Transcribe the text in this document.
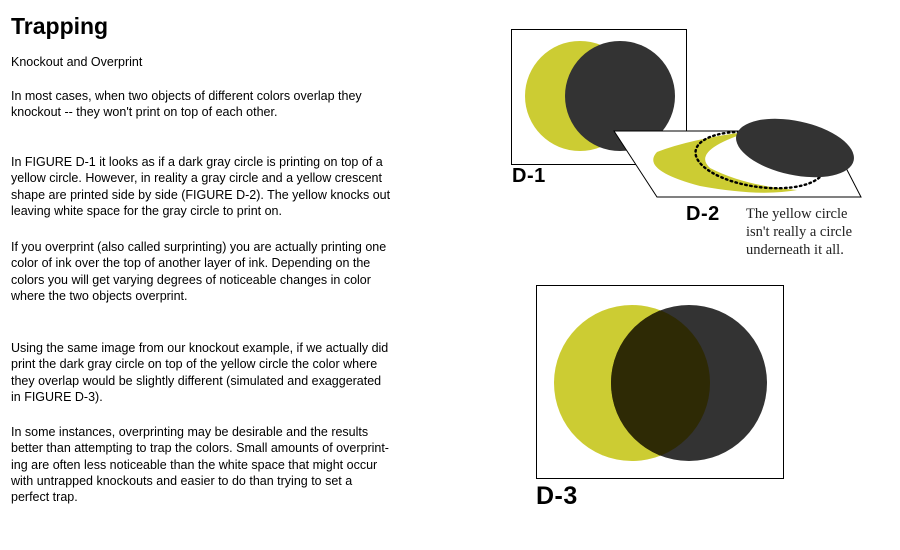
Trapping

Knockout and Overprint

In most cases, when two objects of different colors overlap they
knockout -- they won't print on top of each other.

In FIGURE D-1 it looks as if a dark gray circle is printing on top of a
yellow circle. However, in reality a gray circle and a yellow crescent
shape are printed side by side (FIGURE D-2). The yellow knocks out
leaving white space for the gray circle to print on.

If you overprint (also called surprinting) you are actually printing one
color of ink over the top of another layer of ink. Depending on the
colors you will get varying degrees of noticeable changes in color
where the two objects overprint.

Using the same image from our knockout example, if we actually did
print the dark gray circle on top of the yellow circle the color where
they overlap would be slightly different (simulated and exaggerated
in FIGURE D-3).

In some instances, overprinting may be desirable and the results
better than attempting to trap the colors. Small amounts of overprint-
ing are often less noticeable than the white space that might occur
with untrapped knockouts and easier to do than trying to set a
perfect trap.

D-1
D-2 The yellow circle
isn't really a circle
underneath it all.

D-3
